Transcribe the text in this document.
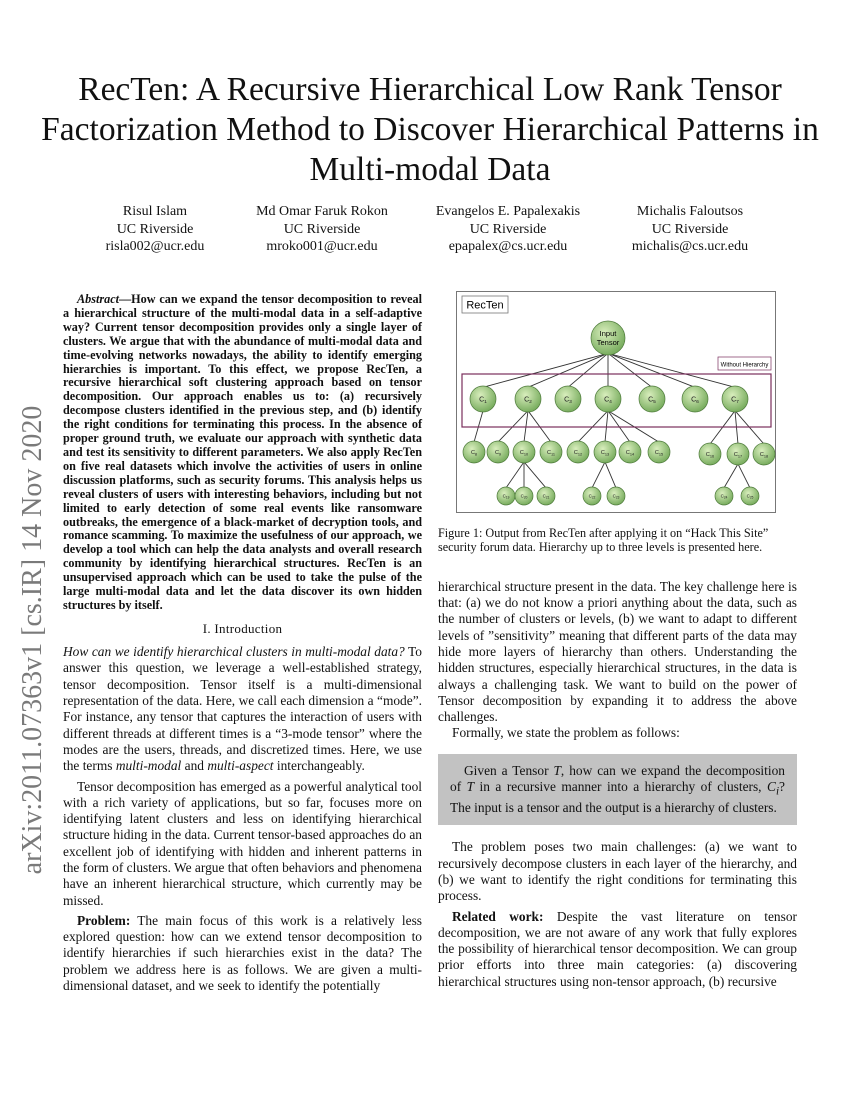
RecTen: A Recursive Hierarchical Low Rank Tensor Factorization Method to Discover Hierarchical Patterns in Multi-modal Data
Risul Islam
UC Riverside
risla002@ucr.edu
Md Omar Faruk Rokon
UC Riverside
mroko001@ucr.edu
Evangelos E. Papalexakis
UC Riverside
epapalex@cs.ucr.edu
Michalis Faloutsos
UC Riverside
michalis@cs.ucr.edu
arXiv:2011.07363v1 [cs.IR] 14 Nov 2020

Abstract—How can we expand the tensor decomposition to reveal a hierarchical structure of the multi-modal data in a self-adaptive way? Current tensor decomposition provides only a single layer of clusters. We argue that with the abundance of multi-modal data and time-evolving networks nowadays, the ability to identify emerging hierarchies is important. To this effect, we propose RecTen, a recursive hierarchical soft clustering approach based on tensor decomposition. Our approach enables us to: (a) recursively decompose clusters identified in the previous step, and (b) identify the right conditions for terminating this process. In the absence of proper ground truth, we evaluate our approach with synthetic data and test its sensitivity to different parameters. We also apply RecTen on five real datasets which involve the activities of users in online discussion platforms, such as security forums. This analysis helps us reveal clusters of users with interesting behaviors, including but not limited to early detection of some real events like ransomware outbreaks, the emergence of a black-market of decryption tools, and romance scamming. To maximize the usefulness of our approach, we develop a tool which can help the data analysts and overall research community by identifying hierarchical structures. RecTen is an unsupervised approach which can be used to take the pulse of the large multi-modal data and let the data discover its own hidden structures by itself.

I. Introduction

How can we identify hierarchical clusters in multi-modal data? To answer this question, we leverage a well-established strategy, tensor decomposition. Tensor itself is a multi-dimensional representation of the data. Here, we call each dimension a “mode”. For instance, any tensor that captures the interaction of users with different threads at different times is a “3-mode tensor” where the modes are the users, threads, and discretized times. Here, we use the terms multi-modal and multi-aspect interchangeably.

Tensor decomposition has emerged as a powerful analytical tool with a rich variety of applications, but so far, focuses more on identifying latent clusters and less on identifying hierarchical structure hiding in the data. Current tensor-based approaches do an excellent job of identifying with hidden and inherent patterns in the form of clusters. We argue that often behaviors and phenomena have an inherent hierarchical structure, which currently may be missed.

Problem: The main focus of this work is a relatively less explored question: how can we extend tensor decomposition to identify hierarchies if such hierarchies exist in the data? The problem we address here is as follows. We are given a multi-dimensional dataset, and we seek to identify the potentially

RecTen
Without Hierarchy
Input
Tensor
$C_1$	$C_2$	$C_3$	$C_4$	$C_5$	$C_6$	$C_7$
$C_8$	$C_9$	$C_{10}$	$C_{11}$	$C_{12}$	$C_{13}$	$C_{14}$	$C_{15}$	$C_{16}$	$C_{17}$	$C_{18}$
$C_{19}$	$C_{20}$	$C_{21}$	$C_{22}$	$C_{23}$	$C_{24}$	$C_{25}$

Figure 1: Output from RecTen after applying it on “Hack This Site” security forum data. Hierarchy up to three levels is presented here.

hierarchical structure present in the data. The key challenge here is that: (a) we do not know a priori anything about the data, such as the number of clusters or levels, (b) we want to adapt to different levels of ”sensitivity” meaning that different parts of the data may hide more layers of hierarchy than others. Understanding the hidden structures, especially hierarchical structures, in the data is always a challenging task. We want to build on the power of Tensor decomposition by expanding it to address the above challenges.

Formally, we state the problem as follows:

Given a Tensor T, how can we expand the decomposition of T in a recursive manner into a hierarchy of clusters, $C_i$? The input is a tensor and the output is a hierarchy of clusters.

The problem poses two main challenges: (a) we want to recursively decompose clusters in each layer of the hierarchy, and (b) we want to identify the right conditions for terminating this process.

Related work: Despite the vast literature on tensor decomposition, we are not aware of any work that fully explores the possibility of hierarchical tensor decomposition. We can group prior efforts into three main categories: (a) discovering hierarchical structures using non-tensor approach, (b) recursive
